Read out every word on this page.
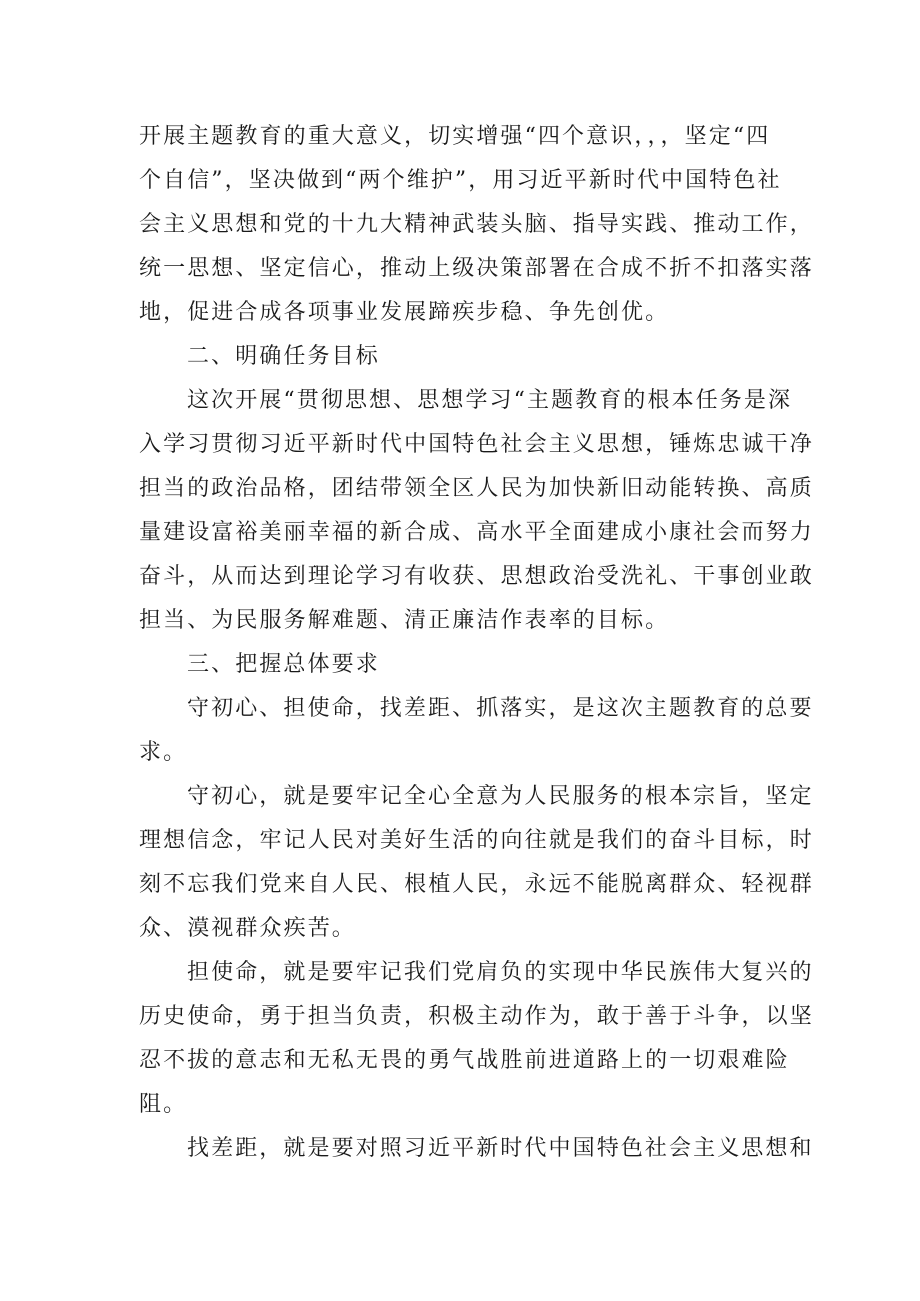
开展主题教育的重大意义，切实增强“四个意识，，，坚定“四
个自信”，坚决做到“两个维护”，用习近平新时代中国特色社
会主义思想和党的十九大精神武装头脑、指导实践、推动工作，
统一思想、坚定信心，推动上级决策部署在合成不折不扣落实落
地，促进合成各项事业发展蹄疾步稳、争先创优。
二、明确任务目标
这次开展“贯彻思想、思想学习“主题教育的根本任务是深
入学习贯彻习近平新时代中国特色社会主义思想，锤炼忠诚干净
担当的政治品格，团结带领全区人民为加快新旧动能转换、高质
量建设富裕美丽幸福的新合成、高水平全面建成小康社会而努力
奋斗，从而达到理论学习有收获、思想政治受洗礼、干事创业敢
担当、为民服务解难题、清正廉洁作表率的目标。
三、把握总体要求
守初心、担使命，找差距、抓落实，是这次主题教育的总要
求。
守初心，就是要牢记全心全意为人民服务的根本宗旨，坚定
理想信念，牢记人民对美好生活的向往就是我们的奋斗目标，时
刻不忘我们党来自人民、根植人民，永远不能脱离群众、轻视群
众、漠视群众疾苦。
担使命，就是要牢记我们党肩负的实现中华民族伟大复兴的
历史使命，勇于担当负责，积极主动作为，敢于善于斗争，以坚
忍不拔的意志和无私无畏的勇气战胜前进道路上的一切艰难险
阻。
找差距，就是要对照习近平新时代中国特色社会主义思想和
